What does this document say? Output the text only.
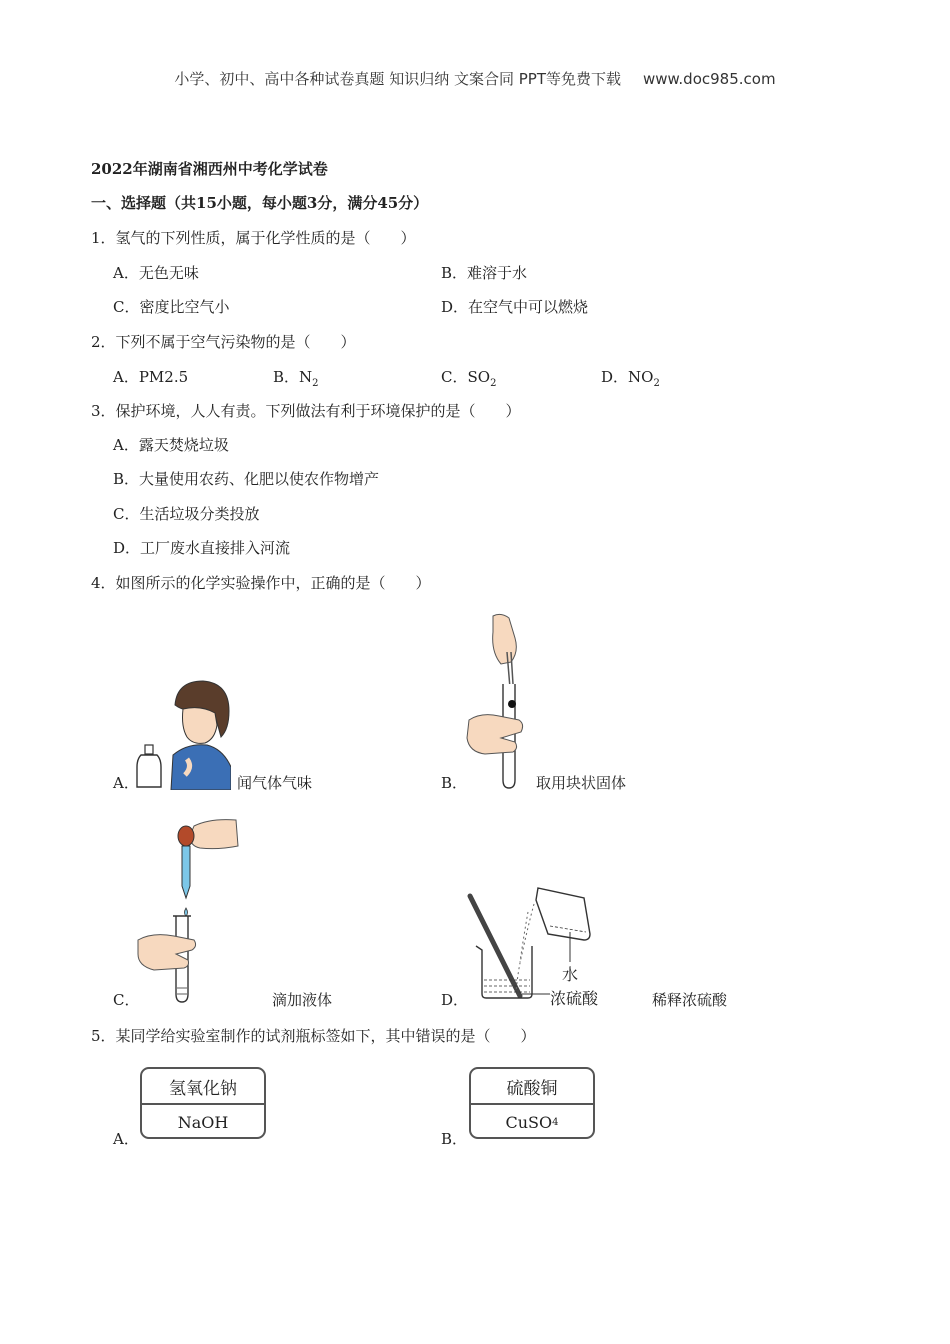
小学、初中、高中各种试卷真题 知识归纳 文案合同 PPT等免费下载 www.doc985.com
2022年湖南省湘西州中考化学试卷
一、选择题（共15小题，每小题3分，满分45分）
1．氢气的下列性质，属于化学性质的是（　　）
A．无色无味	B．难溶于水
C．密度比空气小	D．在空气中可以燃烧
2．下列不属于空气污染物的是（　　）
A．PM2.5	B．$N_2$	C．$SO_2$	D．$NO_2$
3．保护环境，人人有责。下列做法有利于环境保护的是（　　）
A．露天焚烧垃圾
B．大量使用农药、化肥以使农作物增产
C．生活垃圾分类投放
D．工厂废水直接排入河流
4．如图所示的化学实验操作中，正确的是（　　）
A．	闻气体气味	B．	取用块状固体
C．	滴加液体
水
浓硫酸
D．	稀释浓硫酸
5．某同学给实验室制作的试剂瓶标签如下，其中错误的是（　　）
氢氧化钠
NaOH
A．
硫酸铜
CuSO 4
B．
